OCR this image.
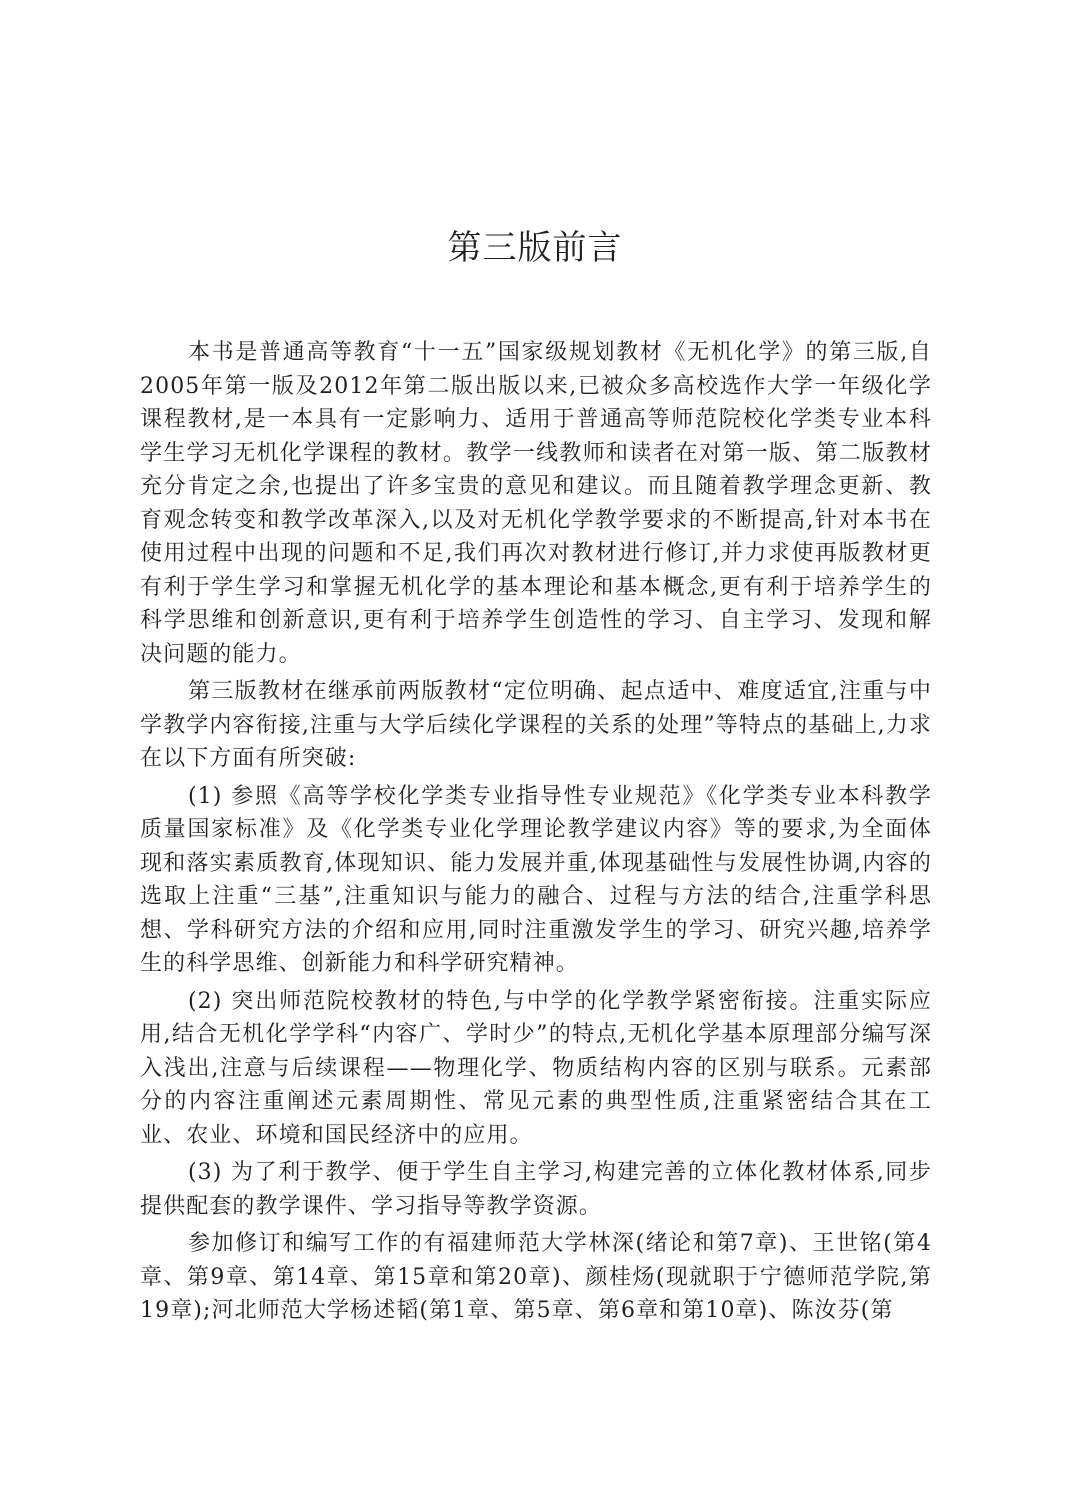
第三版前言

本书是普通高等教育“十一五”国家级规划教材《无机化学》的第三版,自2005年第一版及2012年第二版出版以来,已被众多高校选作大学一年级化学课程教材,是一本具有一定影响力、适用于普通高等师范院校化学类专业本科学生学习无机化学课程的教材。教学一线教师和读者在对第一版、第二版教材充分肯定之余,也提出了许多宝贵的意见和建议。而且随着教学理念更新、教育观念转变和教学改革深入,以及对无机化学教学要求的不断提高,针对本书在使用过程中出现的问题和不足,我们再次对教材进行修订,并力求使再版教材更有利于学生学习和掌握无机化学的基本理论和基本概念,更有利于培养学生的科学思维和创新意识,更有利于培养学生创造性的学习、自主学习、发现和解决问题的能力。

第三版教材在继承前两版教材“定位明确、起点适中、难度适宜,注重与中学教学内容衔接,注重与大学后续化学课程的关系的处理”等特点的基础上,力求在以下方面有所突破:

(1) 参照《高等学校化学类专业指导性专业规范》《化学类专业本科教学质量国家标准》及《化学类专业化学理论教学建议内容》等的要求,为全面体现和落实素质教育,体现知识、能力发展并重,体现基础性与发展性协调,内容的选取上注重“三基”,注重知识与能力的融合、过程与方法的结合,注重学科思想、学科研究方法的介绍和应用,同时注重激发学生的学习、研究兴趣,培养学生的科学思维、创新能力和科学研究精神。

(2) 突出师范院校教材的特色,与中学的化学教学紧密衔接。注重实际应用,结合无机化学学科“内容广、学时少”的特点,无机化学基本原理部分编写深入浅出,注意与后续课程——物理化学、物质结构内容的区别与联系。元素部分的内容注重阐述元素周期性、常见元素的典型性质,注重紧密结合其在工业、农业、环境和国民经济中的应用。

(3) 为了利于教学、便于学生自主学习,构建完善的立体化教材体系,同步提供配套的教学课件、学习指导等教学资源。

参加修订和编写工作的有福建师范大学林深(绪论和第7章)、王世铭(第4章、第9章、第14章、第15章和第20章)、颜桂炀(现就职于宁德师范学院,第19章);河北师范大学杨述韬(第1章、第5章、第6章和第10章)、陈汝芬(第
